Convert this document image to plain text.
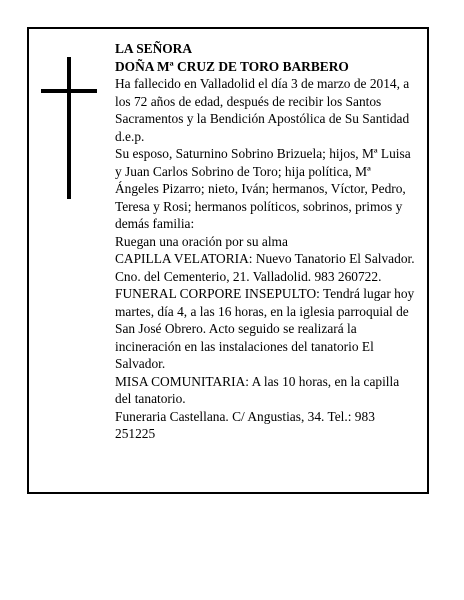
LA SEÑORA

DOÑA Mª CRUZ DE TORO BARBERO

Ha fallecido en Valladolid el día 3 de marzo de 2014, a los 72 años de edad, después de recibir los Santos Sacramentos y la Bendición Apostólica de Su Santidad

d.e.p.

Su esposo, Saturnino Sobrino Brizuela; hijos, Mª Luisa y Juan Carlos Sobrino de Toro; hija política, Mª Ángeles Pizarro; nieto, Iván; hermanos, Víctor, Pedro, Teresa y Rosi; hermanos políticos, sobrinos, primos y demás familia:

Ruegan una oración por su alma

CAPILLA VELATORIA: Nuevo Tanatorio El Salvador. Cno. del Cementerio, 21. Valladolid. 983 260722.

FUNERAL CORPORE INSEPULTO: Tendrá lugar hoy martes, día 4, a las 16 horas, en la iglesia parroquial de San José Obrero. Acto seguido se realizará la incineración en las instalaciones del tanatorio El Salvador.

MISA COMUNITARIA: A las 10 horas, en la capilla del tanatorio.

Funeraria Castellana. C/ Angustias, 34. Tel.: 983 251225
